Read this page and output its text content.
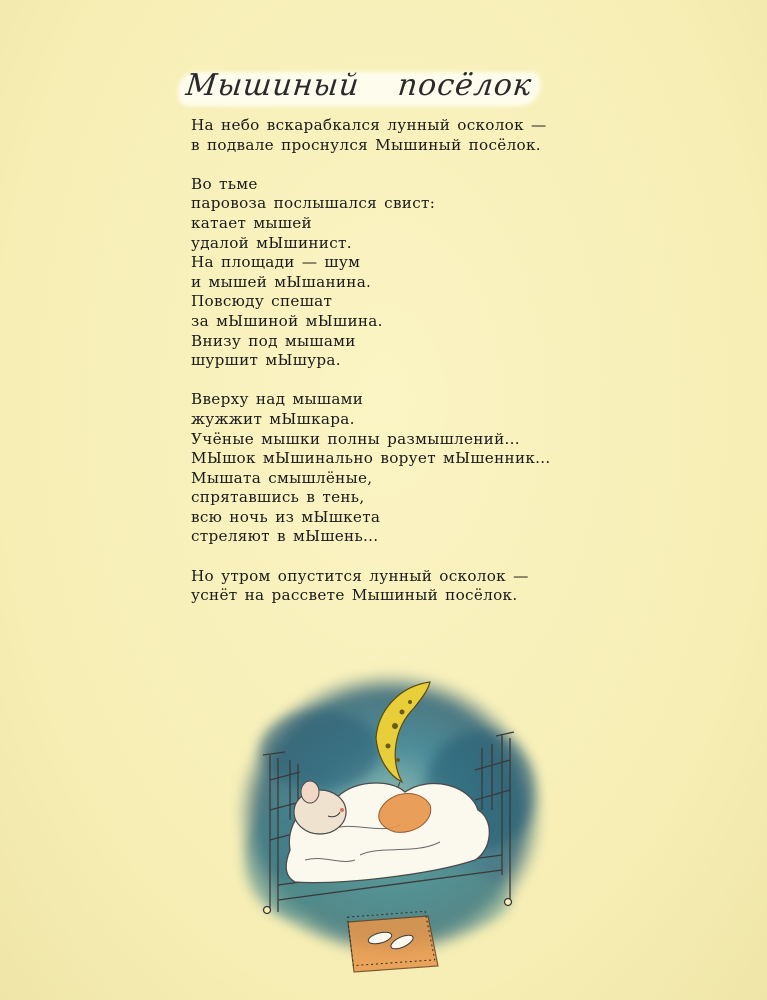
Мышиный посёлок
На небо вскарабкался лунный осколок —
в подвале проснулся Мышиный посёлок.
Во тьме
паровоза послышался свист:
катает мышей
удалой мЫшинист.
На площади — шум
и мышей мЫшанина.
Повсюду спешат
за мЫшиной мЫшина.
Внизу под мышами
шуршит мЫшура.
Вверху над мышами
жужжит мЫшкара.
Учёные мышки полны размышлений...
МЫшок мЫшинально ворует мЫшенник...
Мышата смышлёные,
спрятавшись в тень,
всю ночь из мЫшкета
стреляют в мЫшень...
Но утром опустится лунный осколок —
уснёт на рассвете Мышиный посёлок.
